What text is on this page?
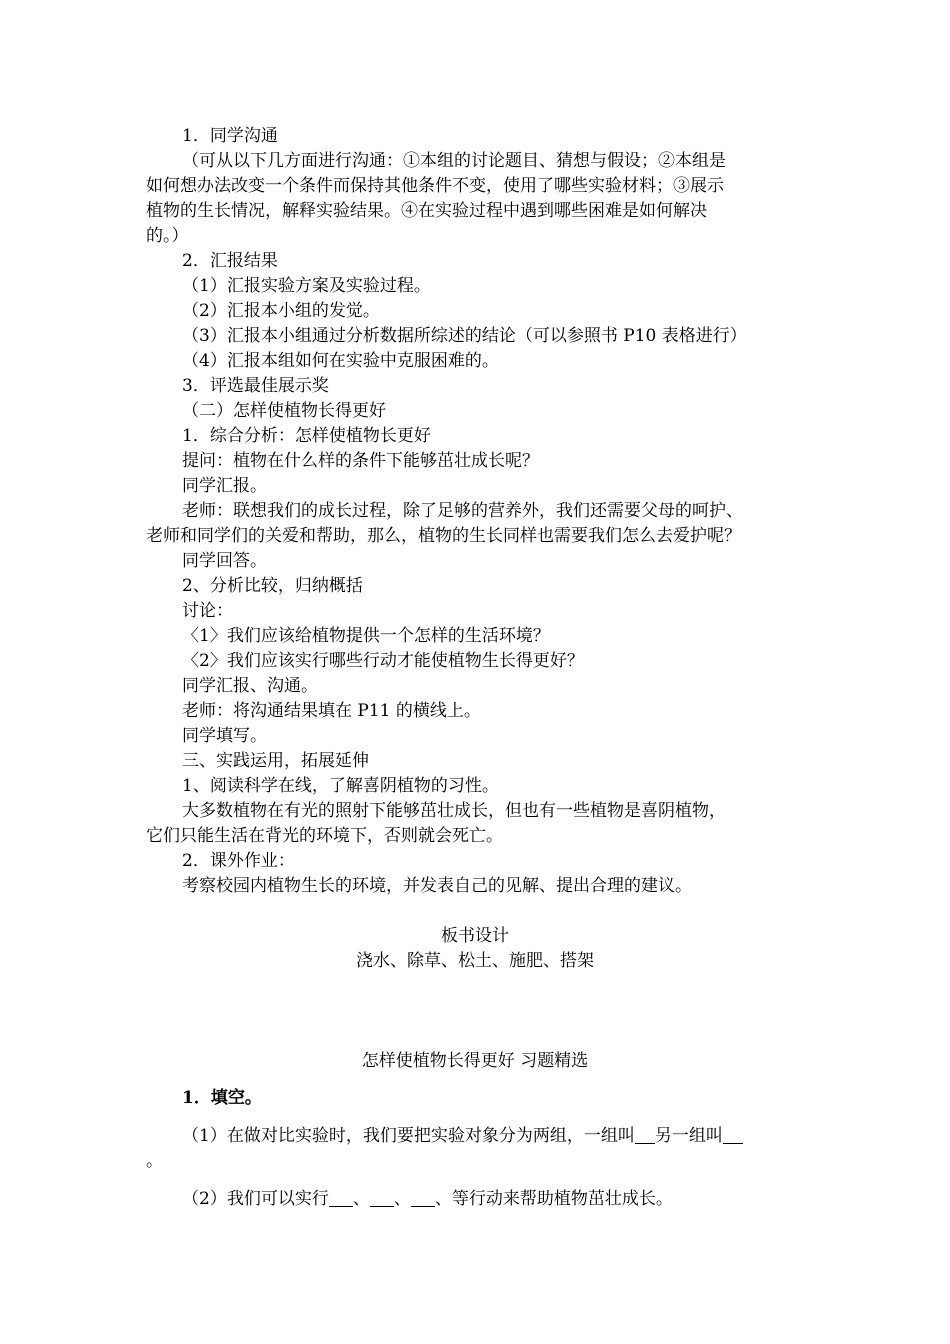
1．同学沟通
（可从以下几方面进行沟通：①本组的讨论题目、猜想与假设；②本组是
如何想办法改变一个条件而保持其他条件不变，使用了哪些实验材料；③展示
植物的生长情况，解释实验结果。④在实验过程中遇到哪些困难是如何解决
的。）
2．汇报结果
（1）汇报实验方案及实验过程。
（2）汇报本小组的发觉。
（3）汇报本小组通过分析数据所综述的结论（可以参照书 P10 表格进行）
（4）汇报本组如何在实验中克服困难的。
3．评选最佳展示奖
（二）怎样使植物长得更好
1．综合分析：怎样使植物长更好
提问：植物在什么样的条件下能够茁壮成长呢？
同学汇报。
老师：联想我们的成长过程，除了足够的营养外，我们还需要父母的呵护、
老师和同学们的关爱和帮助，那么，植物的生长同样也需要我们怎么去爱护呢？
同学回答。
2、分析比较，归纳概括
讨论：
〈1〉我们应该给植物提供一个怎样的生活环境？
〈2〉我们应该实行哪些行动才能使植物生长得更好？
同学汇报、沟通。
老师：将沟通结果填在 P11 的横线上。
同学填写。
三、实践运用，拓展延伸
1、阅读科学在线，了解喜阴植物的习性。
大多数植物在有光的照射下能够茁壮成长，但也有一些植物是喜阴植物，
它们只能生活在背光的环境下，否则就会死亡。
2．课外作业：
考察校园内植物生长的环境，并发表自己的见解、提出合理的建议。
板书设计
浇水、除草、松土、施肥、搭架
怎样使植物长得更好 习题精选
1．填空。
（1）在做对比实验时，我们要把实验对象分为两组，一组叫 另一组叫
。
（2）我们可以实行 、 、 、等行动来帮助植物茁壮成长。
